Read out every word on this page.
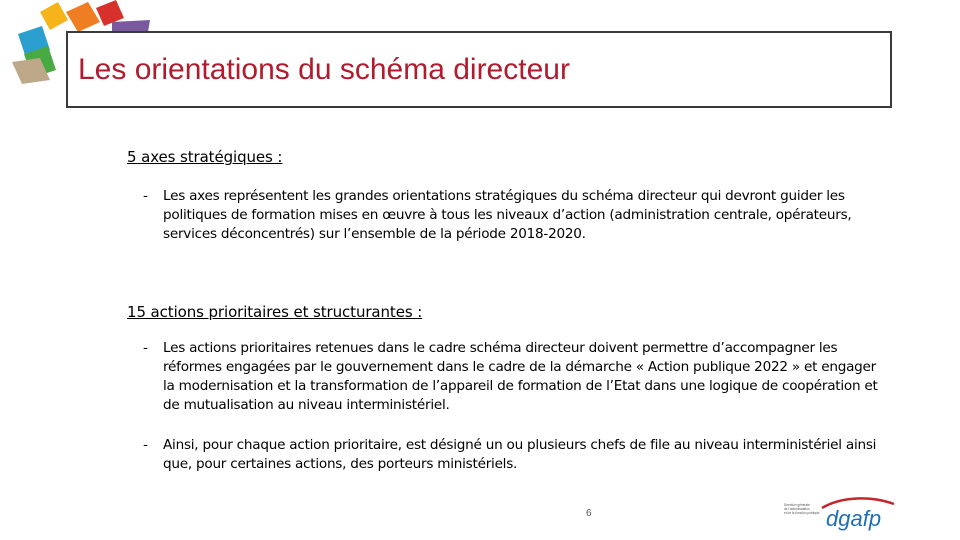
Les orientations du schéma directeur

5 axes stratégiques :

-	Les axes représentent les grandes orientations stratégiques du schéma directeur qui devront guider les politiques de formation mises en œuvre à tous les niveaux d’action (administration centrale, opérateurs, services déconcentrés) sur l’ensemble de la période 2018-2020.

15 actions prioritaires et structurantes :

-	Les actions prioritaires retenues dans le cadre schéma directeur doivent permettre d’accompagner les réformes engagées par le gouvernement dans le cadre de la démarche « Action publique 2022 » et engager la modernisation et la transformation de l’appareil de formation de l’Etat dans une logique de coopération et de mutualisation au niveau interministériel.
-	Ainsi, pour chaque action prioritaire, est désigné un ou plusieurs chefs de file au niveau interministériel ainsi que, pour certaines actions, des porteurs ministériels.
6
Direction générale de l’administration et de la fonction publique dgafp
